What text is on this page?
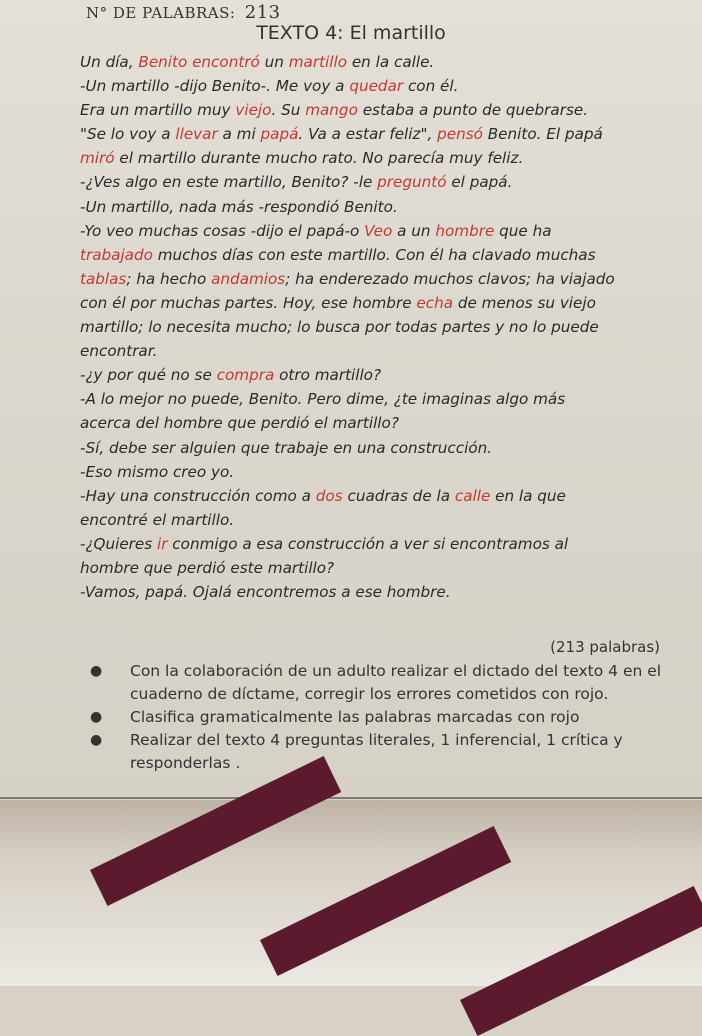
N° DE PALABRAS: 213
TEXTO 4: El martillo

Un día, Benito encontró un martillo en la calle.

-Un martillo -dijo Benito-. Me voy a quedar con él.

Era un martillo muy viejo. Su mango estaba a punto de quebrarse.

"Se lo voy a llevar a mi papá. Va a estar feliz", pensó Benito. El papá

miró el martillo durante mucho rato. No parecía muy feliz.

-¿Ves algo en este martillo, Benito? -le preguntó el papá.

-Un martillo, nada más -respondió Benito.

-Yo veo muchas cosas -dijo el papá-o Veo a un hombre que ha

trabajado muchos días con este martillo. Con él ha clavado muchas

tablas; ha hecho andamios; ha enderezado muchos clavos; ha viajado

con él por muchas partes. Hoy, ese hombre echa de menos su viejo

martillo; lo necesita mucho; lo busca por todas partes y no lo puede

encontrar.

-¿y por qué no se compra otro martillo?

-A lo mejor no puede, Benito. Pero dime, ¿te imaginas algo más

acerca del hombre que perdió el martillo?

-Sí, debe ser alguien que trabaje en una construcción.

-Eso mismo creo yo.

-Hay una construcción como a dos cuadras de la calle en la que

encontré el martillo.

-¿Quieres ir conmigo a esa construcción a ver si encontramos al

hombre que perdió este martillo?

-Vamos, papá. Ojalá encontremos a ese hombre.

(213 palabras)

● Con la colaboración de un adulto realizar el dictado del texto 4 en el cuaderno de díctame, corregir los errores cometidos con rojo.

● Clasifica gramaticalmente las palabras marcadas con rojo

● Realizar del texto 4 preguntas literales, 1 inferencial, 1 crítica y responderlas .
